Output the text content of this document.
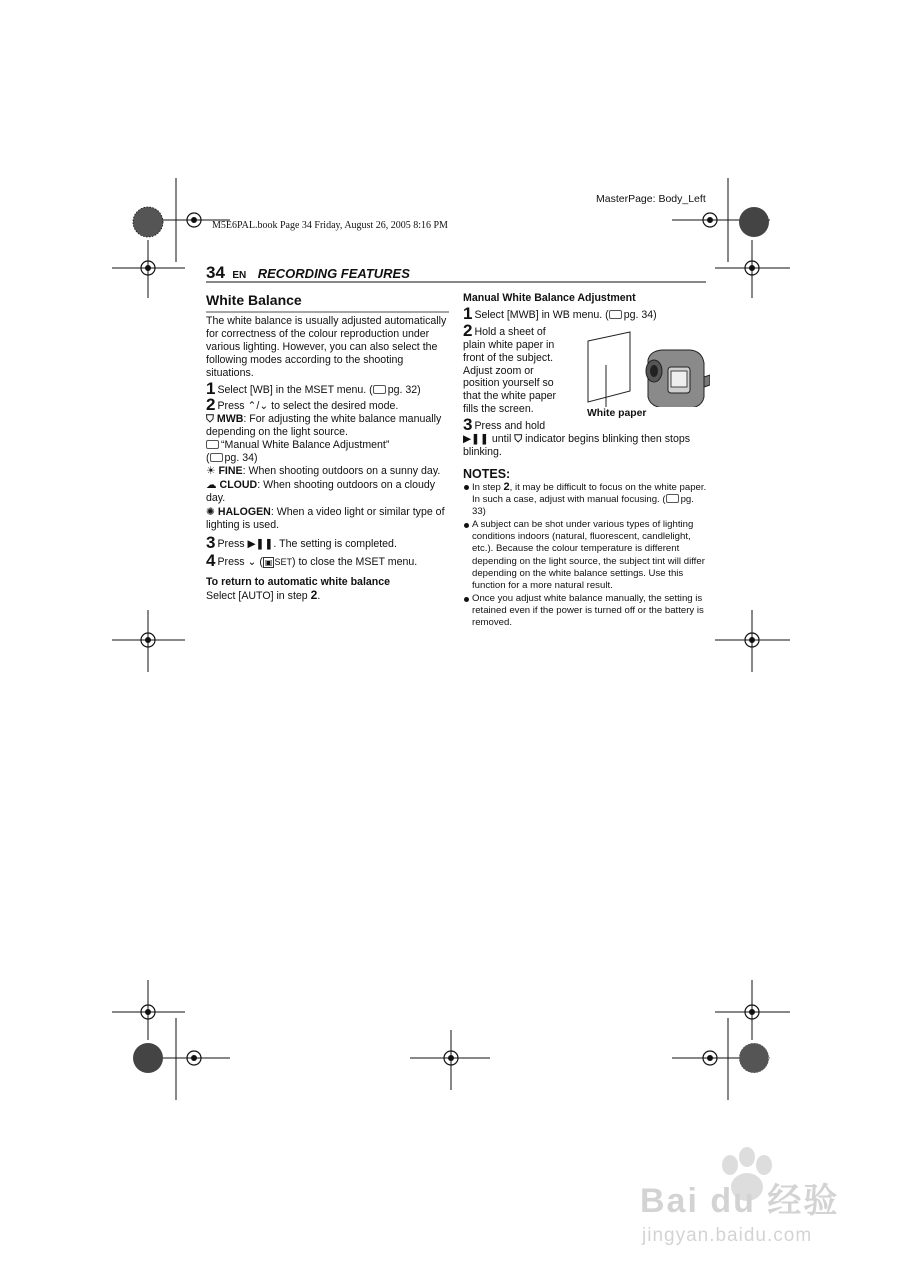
MasterPage: Body_Left
M5E6PAL.book Page 34 Friday, August 26, 2005 8:16 PM
34 EN RECORDING FEATURES
White Balance
The white balance is usually adjusted automatically for correctness of the colour reproduction under various lighting. However, you can also select the following modes according to the shooting situations.
1 Select [WB] in the MSET menu. ( pg. 32)
2 Press ⌃/⌄ to select the desired mode.
⛉ MWB: For adjusting the white balance manually depending on the light source.
“Manual White Balance Adjustment”
( pg. 34)
☀ FINE: When shooting outdoors on a sunny day.
☁ CLOUD: When shooting outdoors on a cloudy day.
✺ HALOGEN: When a video light or similar type of lighting is used.
3 Press ▶❚❚. The setting is completed.
4 Press ⌄ ( ▣ SET) to close the MSET menu.
To return to automatic white balance
Select [AUTO] in step 2.
Manual White Balance Adjustment
1 Select [MWB] in WB menu. ( pg. 34)
2 Hold a sheet of plain white paper in front of the subject. Adjust zoom or position yourself so that the white paper fills the screen.
3 Press and hold
▶❚❚ until ⛉ indicator begins blinking then stops blinking.
NOTES:
In step 2, it may be difficult to focus on the white paper. In such a case, adjust with manual focusing. ( pg. 33)
A subject can be shot under various types of lighting conditions indoors (natural, fluorescent, candlelight, etc.). Because the colour temperature is different depending on the light source, the subject tint will differ depending on the white balance settings. Use this function for a more natural result.
Once you adjust white balance manually, the setting is retained even if the power is turned off or the battery is removed.
White paper
Bai du 经验
jingyan.baidu.com
